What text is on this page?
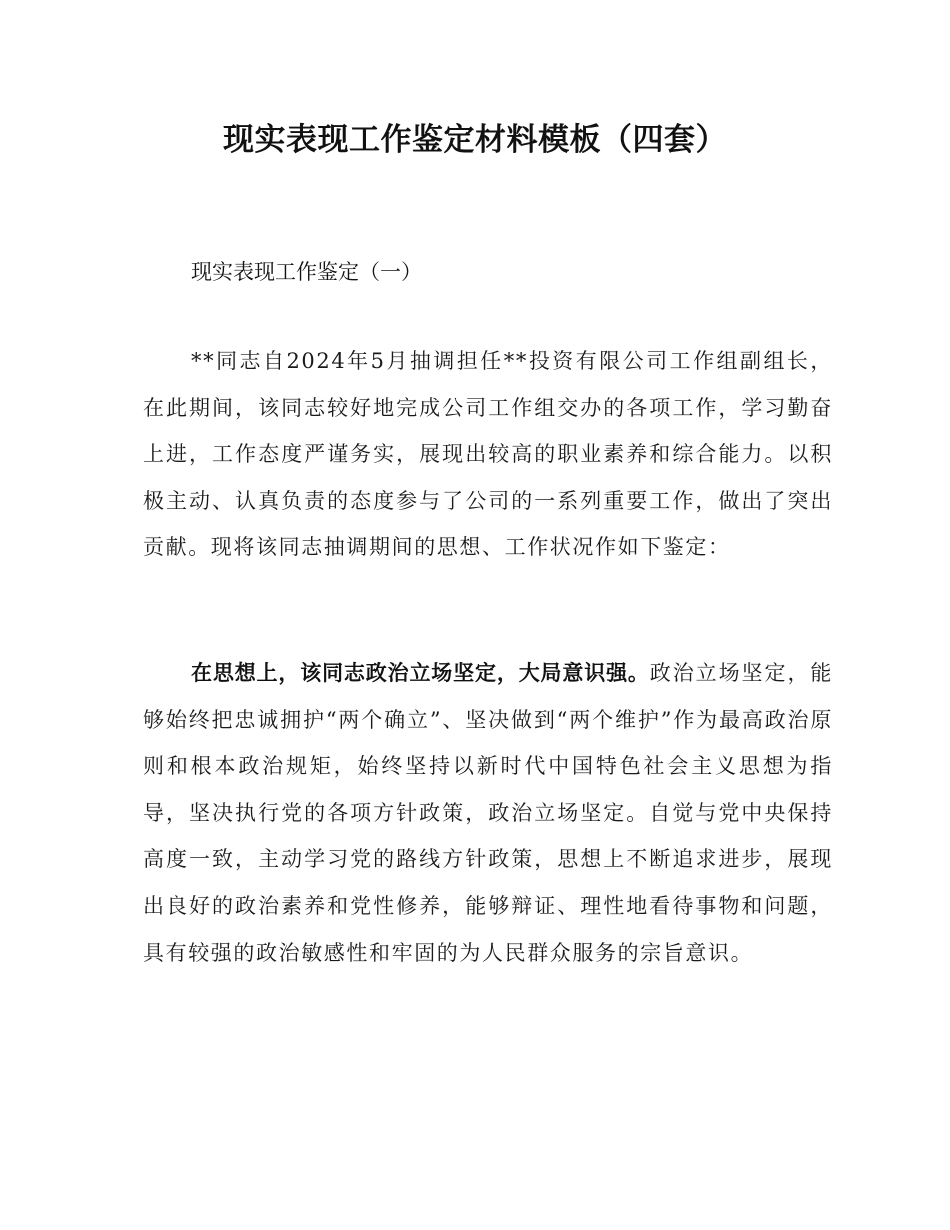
现实表现工作鉴定材料模板（四套）
现实表现工作鉴定（一）

**同志自2024年5月抽调担任**投资有限公司工作组副组长，在此期间，该同志较好地完成公司工作组交办的各项工作，学习勤奋上进，工作态度严谨务实，展现出较高的职业素养和综合能力。以积极主动、认真负责的态度参与了公司的一系列重要工作，做出了突出贡献。现将该同志抽调期间的思想、工作状况作如下鉴定：

在思想上，该同志政治立场坚定，大局意识强。政治立场坚定，能够始终把忠诚拥护“两个确立”、坚决做到“两个维护”作为最高政治原则和根本政治规矩，始终坚持以新时代中国特色社会主义思想为指导，坚决执行党的各项方针政策，政治立场坚定。自觉与党中央保持高度一致，主动学习党的路线方针政策，思想上不断追求进步，展现出良好的政治素养和党性修养，能够辩证、理性地看待事物和问题，具有较强的政治敏感性和牢固的为人民群众服务的宗旨意识。
